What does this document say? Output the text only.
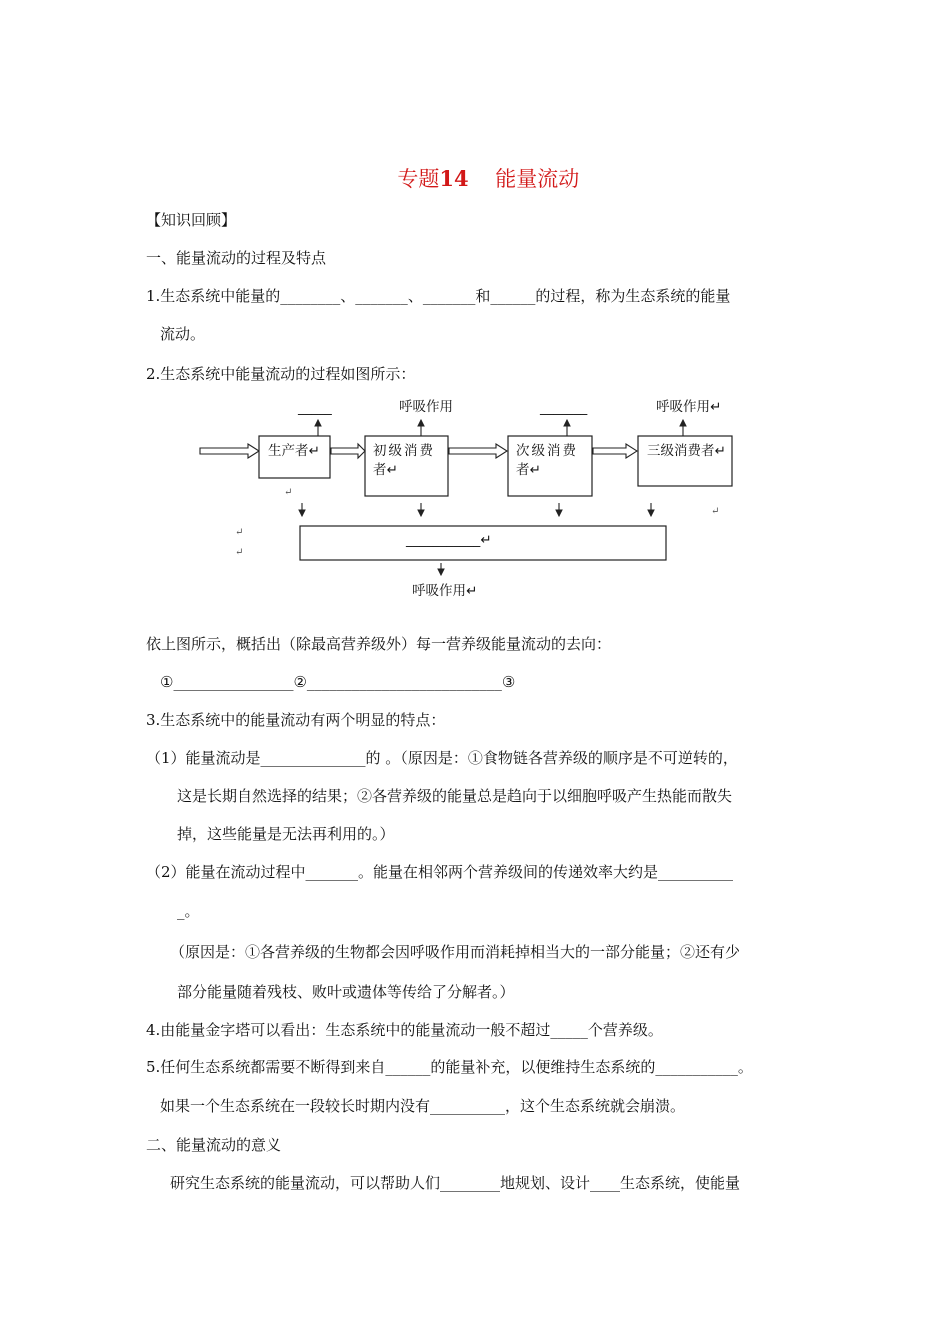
专题14 能量流动

【知识回顾】
一、能量流动的过程及特点
1.生态系统中能量的________、_______、_______和______的过程，称为生态系统的能量
流动。
2.生态系统中能量流动的过程如图所示：
_____	呼吸作用	_______	呼吸作用↵
生产者↵	初级消费
者↵
次级消费
者↵
三级消费者↵
↵
↵
↵
↵
___________↵
呼吸作用↵
依上图所示，概括出（除最高营养级外）每一营养级能量流动的去向：
①________________②__________________________③
3.生态系统中的能量流动有两个明显的特点：
（1）能量流动是______________的 。（原因是：①食物链各营养级的顺序是不可逆转的，
这是长期自然选择的结果；②各营养级的能量总是趋向于以细胞呼吸产生热能而散失
掉，这些能量是无法再利用的。）
（2）能量在流动过程中_______。能量在相邻两个营养级间的传递效率大约是__________
_。
（原因是：①各营养级的生物都会因呼吸作用而消耗掉相当大的一部分能量；②还有少
部分能量随着残枝、败叶或遗体等传给了分解者。）
4.由能量金字塔可以看出：生态系统中的能量流动一般不超过_____个营养级。
5.任何生态系统都需要不断得到来自______的能量补充，以便维持生态系统的___________。
如果一个生态系统在一段较长时期内没有__________，这个生态系统就会崩溃。
二、能量流动的意义
研究生态系统的能量流动，可以帮助人们________地规划、设计____生态系统，使能量
